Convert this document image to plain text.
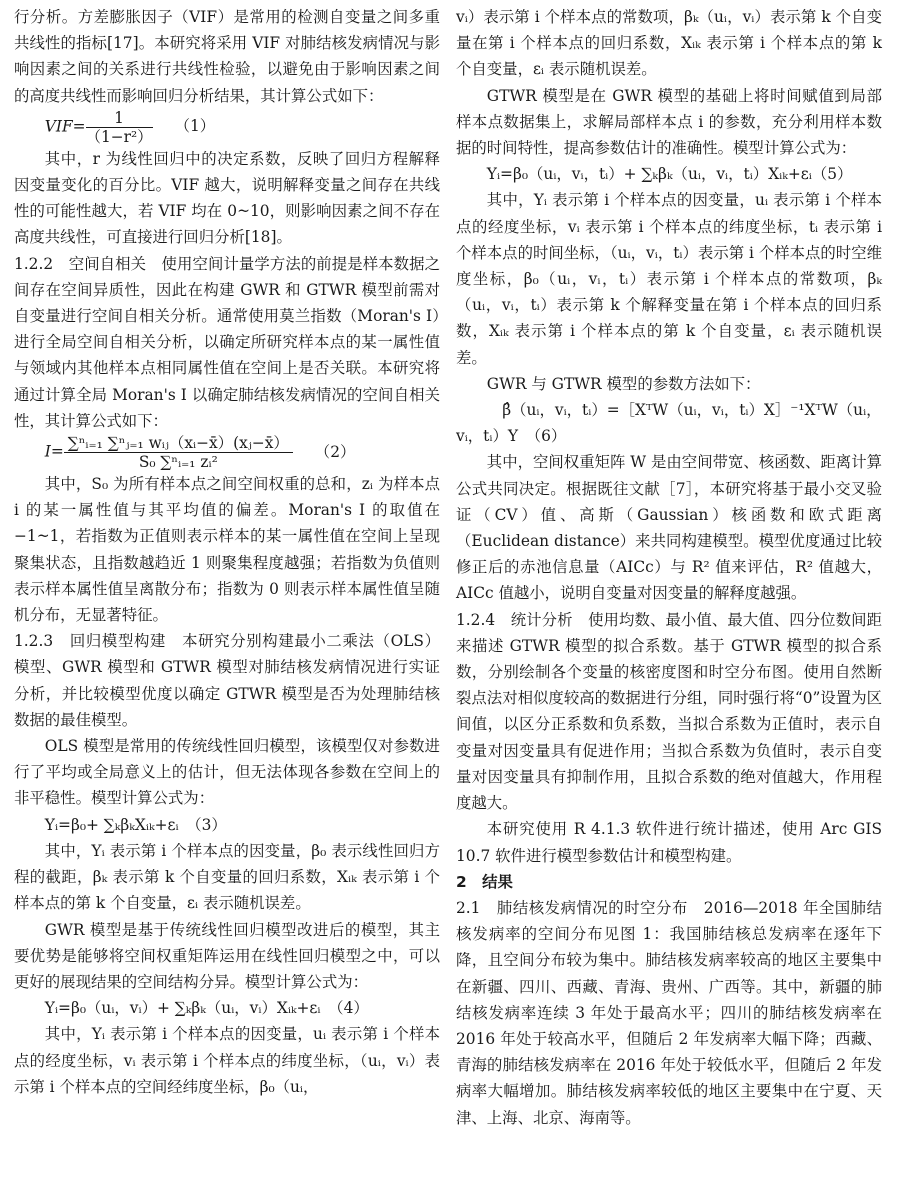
行分析。方差膨胀因子（VIF）是常用的检测自变量之间多重共线性的指标[17]。本研究将采用 VIF 对肺结核发病情况与影响因素之间的关系进行共线性检验，以避免由于影响因素之间的高度共线性而影响回归分析结果，其计算公式如下：

$VIF= \frac{1}{\text{（1−r²）}} (1)$

其中，r 为线性回归中的决定系数，反映了回归方程解释因变量变化的百分比。VIF 越大，说明解释变量之间存在共线性的可能性越大，若 VIF 均在 0~10，则影响因素之间不存在高度共线性，可直接进行回归分析[18]。

1.2.2　空间自相关　使用空间计量学方法的前提是样本数据之间存在空间异质性，因此在构建 GWR 和 GTWR 模型前需对自变量进行空间自相关分析。通常使用莫兰指数（Moran's I）进行全局空间自相关分析，以确定所研究样本点的某一属性值与领域内其他样本点相同属性值在空间上是否关联。本研究将通过计算全局 Moran's I 以确定肺结核发病情况的空间自相关性，其计算公式如下：

I= ∑ⁿᵢ₌₁ ∑ⁿⱼ₌₁ wᵢⱼ（xᵢ−x̄）(xⱼ−x̄）
S₀ ∑ⁿᵢ₌₁ zᵢ²
（2）

其中，S₀ 为所有样本点之间空间权重的总和，zᵢ 为样本点 i 的某一属性值与其平均值的偏差。Moran's I 的取值在 −1~1，若指数为正值则表示样本的某一属性值在空间上呈现聚集状态，且指数越趋近 1 则聚集程度越强；若指数为负值则表示样本属性值呈离散分布；指数为 0 则表示样本属性值呈随机分布，无显著特征。

1.2.3　回归模型构建　本研究分别构建最小二乘法（OLS）模型、GWR 模型和 GTWR 模型对肺结核发病情况进行实证分析，并比较模型优度以确定 GTWR 模型是否为处理肺结核数据的最佳模型。

OLS 模型是常用的传统线性回归模型，该模型仅对参数进行了平均或全局意义上的估计，但无法体现各参数在空间上的非平稳性。模型计算公式为：

Yᵢ=β₀+ ∑ₖβₖXᵢₖ+εᵢ　（3）

其中，Yᵢ 表示第 i 个样本点的因变量，β₀ 表示线性回归方程的截距，βₖ 表示第 k 个自变量的回归系数，Xᵢₖ 表示第 i 个样本点的第 k 个自变量，εᵢ 表示随机误差。

GWR 模型是基于传统线性回归模型改进后的模型，其主要优势是能够将空间权重矩阵运用在线性回归模型之中，可以更好的展现结果的空间结构分异。模型计算公式为：

Yᵢ=β₀（uᵢ，vᵢ）+ ∑ₖβₖ（uᵢ，vᵢ）Xᵢₖ+εᵢ　（4）

其中，Yᵢ 表示第 i 个样本点的因变量，uᵢ 表示第 i 个样本点的经度坐标，vᵢ 表示第 i 个样本点的纬度坐标，（uᵢ，vᵢ）表示第 i 个样本点的空间经纬度坐标，β₀（uᵢ，

vᵢ）表示第 i 个样本点的常数项，βₖ（uᵢ，vᵢ）表示第 k 个自变量在第 i 个样本点的回归系数，Xᵢₖ 表示第 i 个样本点的第 k 个自变量，εᵢ 表示随机误差。

GTWR 模型是在 GWR 模型的基础上将时间赋值到局部样本点数据集上，求解局部样本点 i 的参数，充分利用样本数据的时间特性，提高参数估计的准确性。模型计算公式为：

Yᵢ=β₀（uᵢ，vᵢ，tᵢ）+ ∑ₖβₖ（uᵢ，vᵢ，tᵢ）Xᵢₖ+εᵢ（5）

其中，Yᵢ 表示第 i 个样本点的因变量，uᵢ 表示第 i 个样本点的经度坐标，vᵢ 表示第 i 个样本点的纬度坐标，tᵢ 表示第 i 个样本点的时间坐标，（uᵢ，vᵢ，tᵢ）表示第 i 个样本点的时空维度坐标，β₀（uᵢ，vᵢ，tᵢ）表示第 i 个样本点的常数项，βₖ（uᵢ，vᵢ，tᵢ）表示第 k 个解释变量在第 i 个样本点的回归系数，Xᵢₖ 表示第 i 个样本点的第 k 个自变量，εᵢ 表示随机误差。

GWR 与 GTWR 模型的参数方法如下：

β̂（uᵢ，vᵢ，tᵢ）=［XᵀW（uᵢ，vᵢ，tᵢ）X］⁻¹XᵀW（uᵢ，

vᵢ，tᵢ）Y　（6）

其中，空间权重矩阵 W 是由空间带宽、核函数、距离计算公式共同决定。根据既往文献［7］，本研究将基于最小交叉验证（CV）值、高斯（Gaussian）核函数和欧式距离（Euclidean distance）来共同构建模型。模型优度通过比较修正后的赤池信息量（AICc）与 R² 值来评估，R² 值越大，AICc 值越小，说明自变量对因变量的解释度越强。

1.2.4　统计分析　使用均数、最小值、最大值、四分位数间距来描述 GTWR 模型的拟合系数。基于 GTWR 模型的拟合系数，分别绘制各个变量的核密度图和时空分布图。使用自然断裂点法对相似度较高的数据进行分组，同时强行将“0”设置为区间值，以区分正系数和负系数，当拟合系数为正值时，表示自变量对因变量具有促进作用；当拟合系数为负值时，表示自变量对因变量具有抑制作用，且拟合系数的绝对值越大，作用程度越大。

本研究使用 R 4.1.3 软件进行统计描述，使用 Arc GIS 10.7 软件进行模型参数估计和模型构建。

2　结果

2.1　肺结核发病情况的时空分布　2016—2018 年全国肺结核发病率的空间分布见图 1：我国肺结核总发病率在逐年下降，且空间分布较为集中。肺结核发病率较高的地区主要集中在新疆、四川、西藏、青海、贵州、广西等。其中，新疆的肺结核发病率连续 3 年处于最高水平；四川的肺结核发病率在 2016 年处于较高水平，但随后 2 年发病率大幅下降；西藏、青海的肺结核发病率在 2016 年处于较低水平，但随后 2 年发病率大幅增加。肺结核发病率较低的地区主要集中在宁夏、天津、上海、北京、海南等。
